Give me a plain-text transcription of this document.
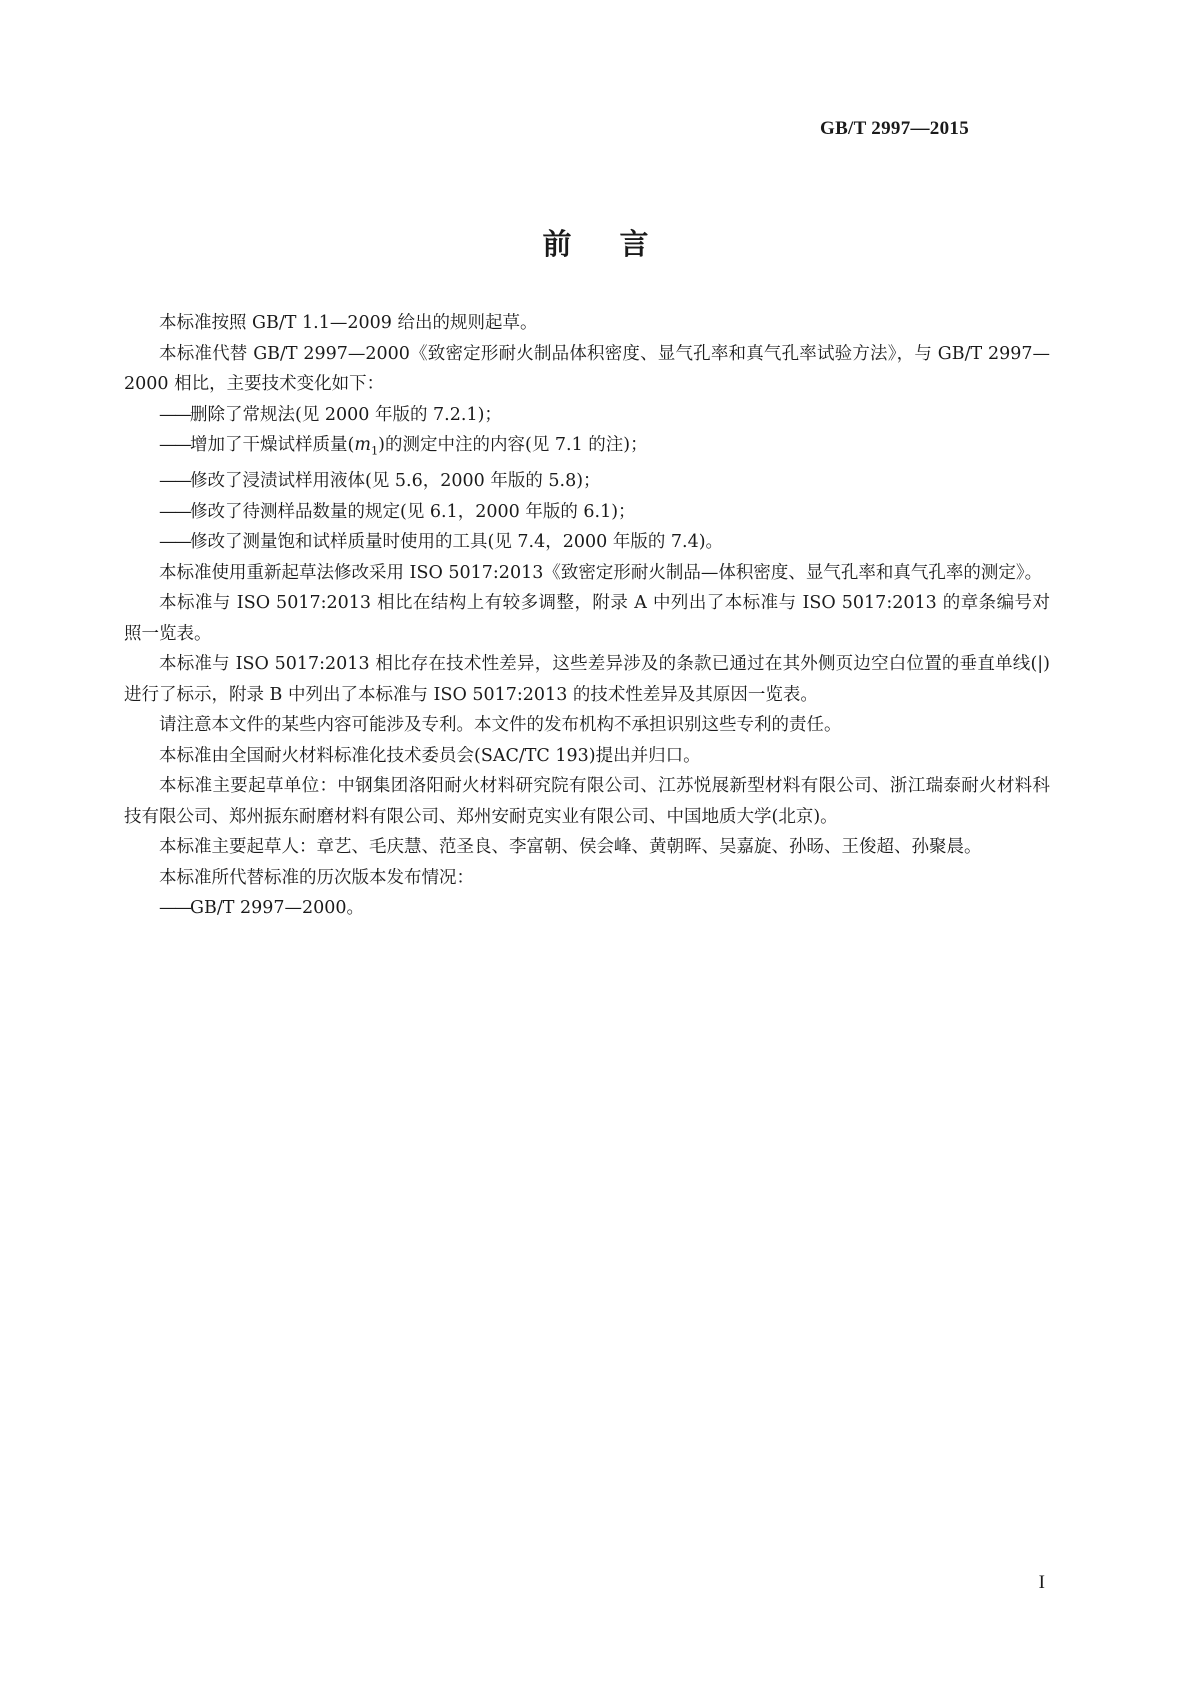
GB/T 2997—2015
前言

本标准按照 GB/T 1.1—2009 给出的规则起草。

本标准代替 GB/T 2997—2000《致密定形耐火制品体积密度、显气孔率和真气孔率试验方法》，与 GB/T 2997—2000 相比，主要技术变化如下：

——删除了常规法(见 2000 年版的 7.2.1)；

——增加了干燥试样质量$(m_1)$的测定中注的内容(见 7.1 的注)；

——修改了浸渍试样用液体(见 5.6，2000 年版的 5.8)；

——修改了待测样品数量的规定(见 6.1，2000 年版的 6.1)；

——修改了测量饱和试样质量时使用的工具(见 7.4，2000 年版的 7.4)。

本标准使用重新起草法修改采用 ISO 5017:2013《致密定形耐火制品—体积密度、显气孔率和真气孔率的测定》。

本标准与 ISO 5017:2013 相比在结构上有较多调整，附录 A 中列出了本标准与 ISO 5017:2013 的章条编号对照一览表。

本标准与 ISO 5017:2013 相比存在技术性差异，这些差异涉及的条款已通过在其外侧页边空白位置的垂直单线(|)进行了标示，附录 B 中列出了本标准与 ISO 5017:2013 的技术性差异及其原因一览表。

请注意本文件的某些内容可能涉及专利。本文件的发布机构不承担识别这些专利的责任。

本标准由全国耐火材料标准化技术委员会(SAC/TC 193)提出并归口。

本标准主要起草单位：中钢集团洛阳耐火材料研究院有限公司、江苏悦展新型材料有限公司、浙江瑞泰耐火材料科技有限公司、郑州振东耐磨材料有限公司、郑州安耐克实业有限公司、中国地质大学(北京)。

本标准主要起草人：章艺、毛庆慧、范圣良、李富朝、侯会峰、黄朝晖、吴嘉旋、孙旸、王俊超、孙聚晨。

本标准所代替标准的历次版本发布情况：

——GB/T 2997—2000。

I
